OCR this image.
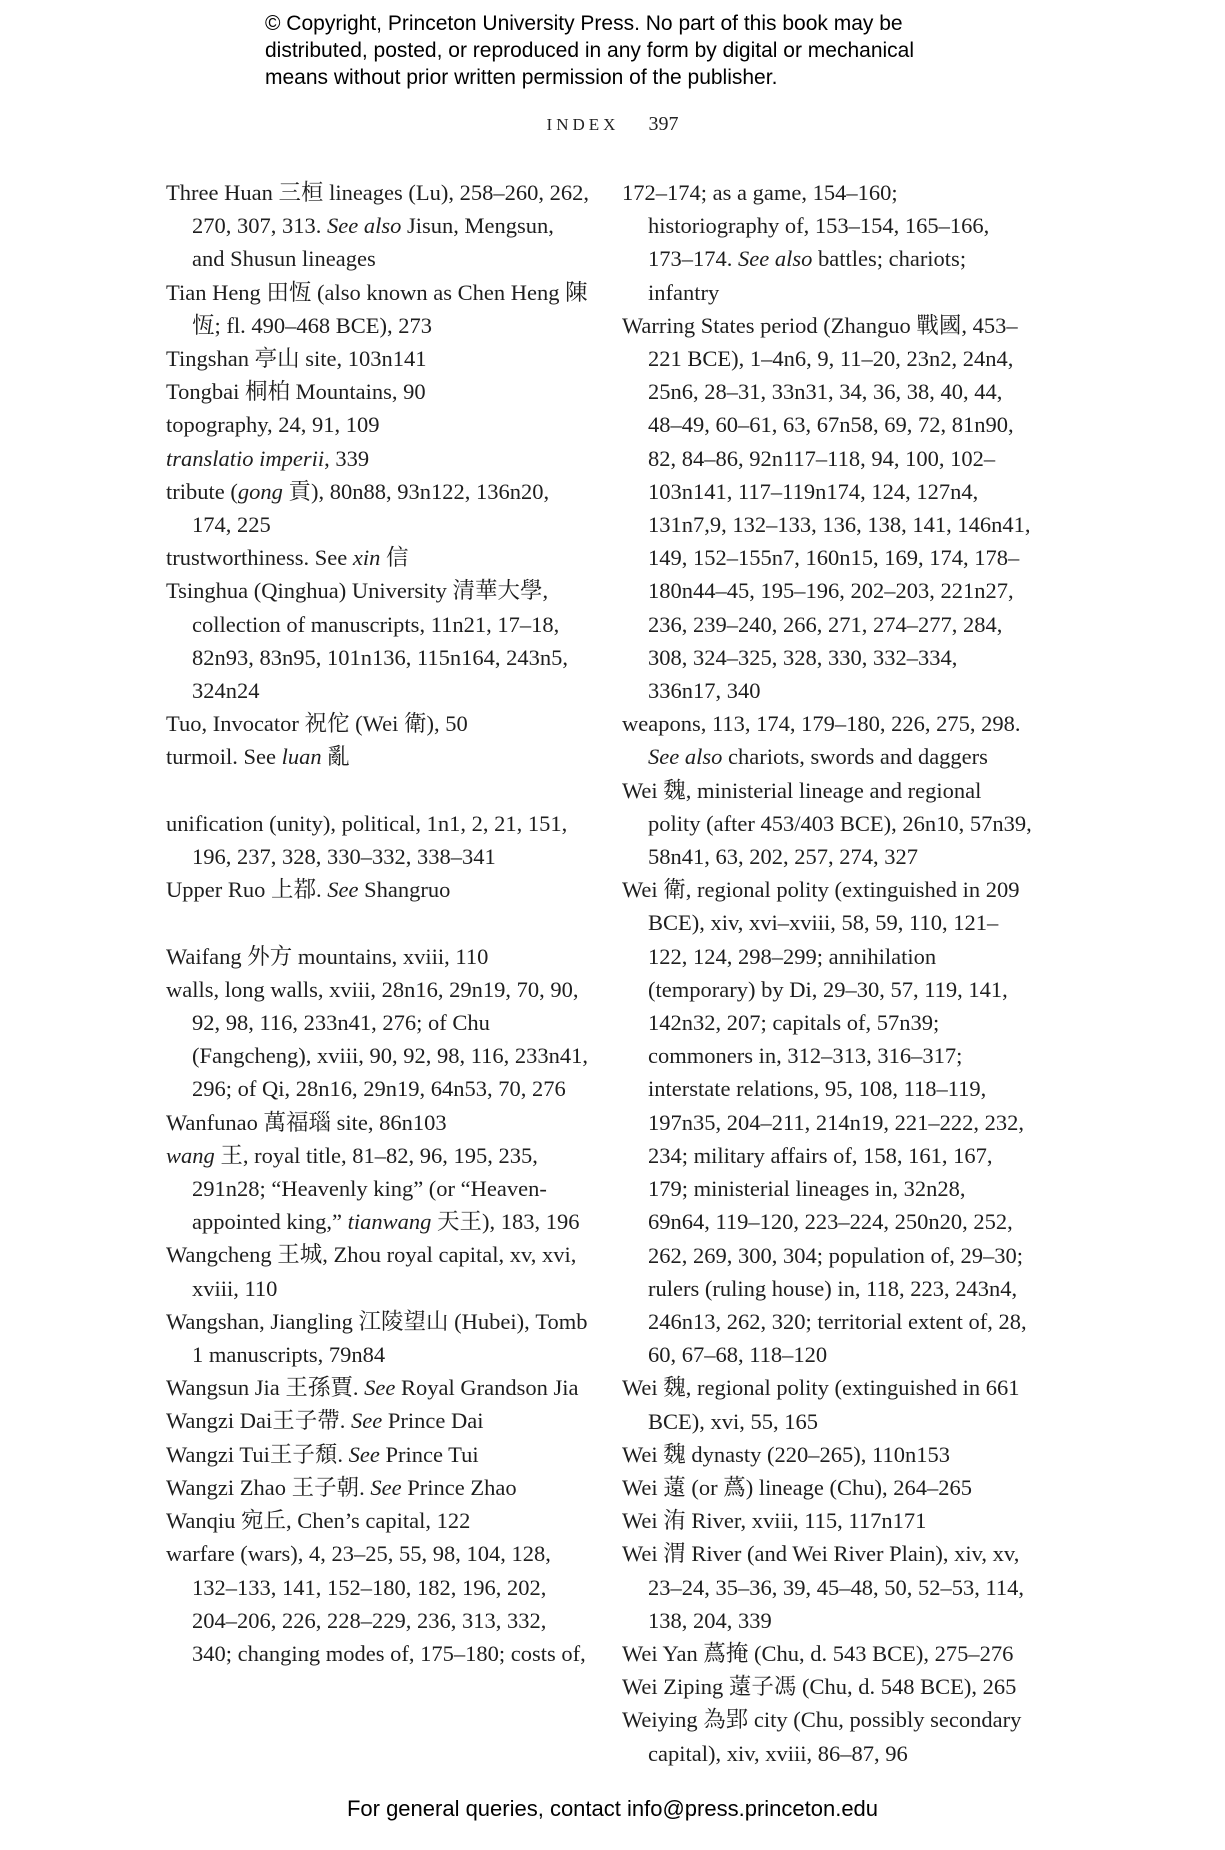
© Copyright, Princeton University Press. No part of this book may be
distributed, posted, or reproduced in any form by digital or mechanical
means without prior written permission of the publisher.
INDEX 397
Three Huan 三桓 lineages (Lu), 258–260, 262, 270, 307, 313. See also Jisun, Mengsun, and Shusun lineages
Tian Heng 田恆 (also known as Chen Heng 陳恆; fl. 490–468 BCE), 273
Tingshan 亭山 site, 103n141
Tongbai 桐柏 Mountains, 90
topography, 24, 91, 109
translatio imperii, 339
tribute (gong 貢), 80n88, 93n122, 136n20, 174, 225
trustworthiness. See xin 信
Tsinghua (Qinghua) University 清華大學, collection of manuscripts, 11n21, 17–18, 82n93, 83n95, 101n136, 115n164, 243n5, 324n24
Tuo, Invocator 祝佗 (Wei 衛), 50
turmoil. See luan 亂
unification (unity), political, 1n1, 2, 21, 151, 196, 237, 328, 330–332, 338–341
Upper Ruo 上鄀. See Shangruo
Waifang 外方 mountains, xviii, 110
walls, long walls, xviii, 28n16, 29n19, 70, 90, 92, 98, 116, 233n41, 276; of Chu (Fangcheng), xviii, 90, 92, 98, 116, 233n41, 296; of Qi, 28n16, 29n19, 64n53, 70, 276
Wanfunao 萬福瑙 site, 86n103
wang 王, royal title, 81–82, 96, 195, 235, 291n28; “Heavenly king” (or “Heaven-appointed king,” tianwang 天王), 183, 196
Wangcheng 王城, Zhou royal capital, xv, xvi, xviii, 110
Wangshan, Jiangling 江陵望山 (Hubei), Tomb 1 manuscripts, 79n84
Wangsun Jia 王孫賈. See Royal Grandson Jia
Wangzi Dai王子帶. See Prince Dai
Wangzi Tui王子頹. See Prince Tui
Wangzi Zhao 王子朝. See Prince Zhao
Wanqiu 宛丘, Chen’s capital, 122
warfare (wars), 4, 23–25, 55, 98, 104, 128, 132–133, 141, 152–180, 182, 196, 202, 204–206, 226, 228–229, 236, 313, 332, 340; changing modes of, 175–180; costs of,
172–174; as a game, 154–160; historiography of, 153–154, 165–166, 173–174. See also battles; chariots; infantry
Warring States period (Zhanguo 戰國, 453–221 BCE), 1–4n6, 9, 11–20, 23n2, 24n4, 25n6, 28–31, 33n31, 34, 36, 38, 40, 44, 48–49, 60–61, 63, 67n58, 69, 72, 81n90, 82, 84–86, 92n117–118, 94, 100, 102–103n141, 117–119n174, 124, 127n4, 131n7,9, 132–133, 136, 138, 141, 146n41, 149, 152–155n7, 160n15, 169, 174, 178–180n44–45, 195–196, 202–203, 221n27, 236, 239–240, 266, 271, 274–277, 284, 308, 324–325, 328, 330, 332–334, 336n17, 340
weapons, 113, 174, 179–180, 226, 275, 298. See also chariots, swords and daggers
Wei 魏, ministerial lineage and regional polity (after 453/403 BCE), 26n10, 57n39, 58n41, 63, 202, 257, 274, 327
Wei 衛, regional polity (extinguished in 209 BCE), xiv, xvi–xviii, 58, 59, 110, 121–122, 124, 298–299; annihilation (temporary) by Di, 29–30, 57, 119, 141, 142n32, 207; capitals of, 57n39; commoners in, 312–313, 316–317; interstate relations, 95, 108, 118–119, 197n35, 204–211, 214n19, 221–222, 232, 234; military affairs of, 158, 161, 167, 179; ministerial lineages in, 32n28, 69n64, 119–120, 223–224, 250n20, 252, 262, 269, 300, 304; population of, 29–30; rulers (ruling house) in, 118, 223, 243n4, 246n13, 262, 320; territorial extent of, 28, 60, 67–68, 118–120
Wei 魏, regional polity (extinguished in 661 BCE), xvi, 55, 165
Wei 魏 dynasty (220–265), 110n153
Wei 薳 (or 蔿) lineage (Chu), 264–265
Wei 洧 River, xviii, 115, 117n171
Wei 渭 River (and Wei River Plain), xiv, xv, 23–24, 35–36, 39, 45–48, 50, 52–53, 114, 138, 204, 339
Wei Yan 蔿掩 (Chu, d. 543 BCE), 275–276
Wei Ziping 薳子馮 (Chu, d. 548 BCE), 265
Weiying 為郢 city (Chu, possibly secondary capital), xiv, xviii, 86–87, 96
For general queries, contact info@press.princeton.edu
